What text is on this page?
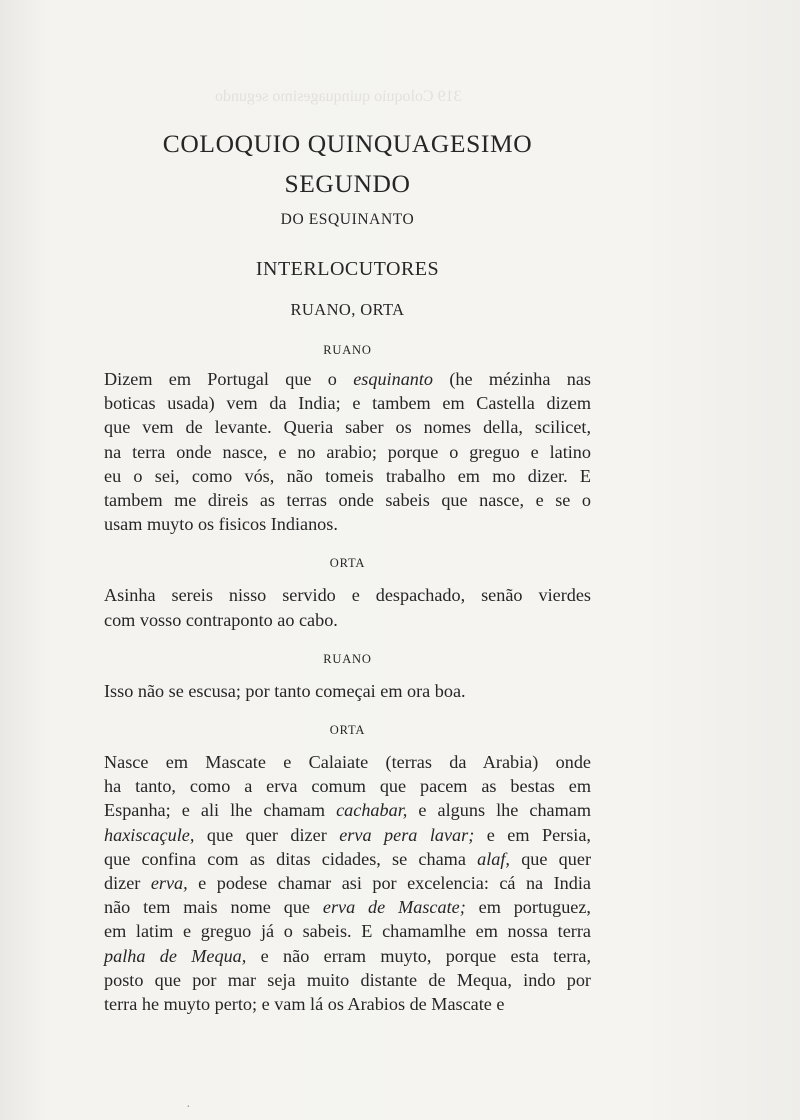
319 Coloquio quinquagesimo segundo
COLOQUIO QUINQUAGESIMO SEGUNDO
DO ESQUINANTO
INTERLOCUTORES
RUANO, ORTA
RUANO

Dizem em Portugal que o esquinanto (he mézinha nas
boticas usada) vem da India; e tambem em Castella dizem
que vem de levante. Queria saber os nomes della, scilicet,
na terra onde nasce, e no arabio; porque o greguo e latino
eu o sei, como vós, não tomeis trabalho em mo dizer. E
tambem me direis as terras onde sabeis que nasce, e se o
usam muyto os fisicos Indianos.

ORTA

Asinha sereis nisso servido e despachado, senão vierdes
com vosso contraponto ao cabo.

RUANO

Isso não se escusa; por tanto começai em ora boa.

ORTA

Nasce em Mascate e Calaiate (terras da Arabia) onde
ha tanto, como a erva comum que pacem as bestas em
Espanha; e ali lhe chamam cachabar, e alguns lhe chamam
haxiscaçule, que quer dizer erva pera lavar; e em Persia,
que confina com as ditas cidades, se chama alaf, que quer
dizer erva, e podese chamar asi por excelencia: cá na India
não tem mais nome que erva de Mascate; em portuguez,
em latim e greguo já o sabeis. E chamamlhe em nossa terra
palha de Mequa, e não erram muyto, porque esta terra,
posto que por mar seja muito distante de Mequa, indo por
terra he muyto perto; e vam lá os Arabios de Mascate e

·
